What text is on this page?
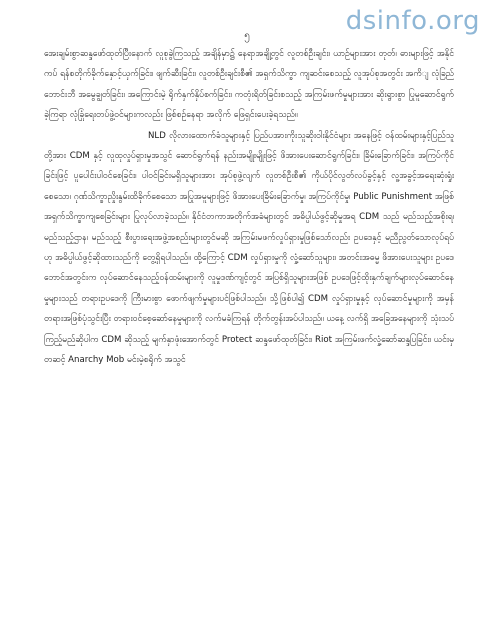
dsinfo.org
၅

အေးချမ်းစွာဆန္ဒဖော်ထုတ်ပြီးနောက် လူစုခွဲကြသည့် အချိန်မှာ၌ နေရာအချို့တွင် လူတစ်ဦးချင်း၊ ယာဉ်များအား တုတ်၊ ဓားများဖြင့် အနိုင်ကပ် ရန်စတိုက်ခိုက်နှောင့်ယှက်ခြင်း၊ ဖျက်ဆီးခြင်း၊ လူတစ်ဦးချင်းစီ၏ အရှက်သိက္ခာ ကျဆင်းစေသည့် လူအုပ်စုအတွင်း အကိျ လုံခြည် ဘောင်းဘီ အမွေချွတ်ခြင်း၊ အကြောင်းမဲ့ ရိုက်နှက်နှိပ်စက်ခြင်း၊ ကတုံးရိတ်ခြင်းစသည့် အကြမ်းဖက်မှုများအား ဆိုးရွားစွာ ပြုမူဆောင်ရွက်ခဲ့ကြရာ လုံခြုံရေးတပ်ဖွဲ့ဝင်များကလည်း ဖြစ်စဉ်နေရာ အလိုက် ဖြေရှင်းပေးခဲ့ရသည်။

NLD လိုလားထောက်ခံသူများနှင့် ပြည်ပအားကိုးသူဆိုးဝါးနိုင်ငံများ အနေဖြင့် ဝန်ထမ်းများနှင့်ပြည်သူတို့အား CDM နှင့် လူထုလှုပ်ရှားမှုအသွင် ဆောင်ရွက်ရန် နည်းအမျိုးမျိုးဖြင့် ဖိအားပေးဆောင်ရွက်ခြင်း၊ ခြိမ်းခြောက်ခြင်း၊ အကြပ်ကိုင်ခြင်းဖြင့် ပူပေါင်းပါဝင်စေခြင်း၊ ပါဝင်ခြင်းမရှိသူများအား အုပ်စုဖွဲ့လျက် လူတစ်ဦးစီ၏ ကိုယ်ပိုင်လွတ်လပ်ခွင့်နှင့် လူ့အခွင့်အရေးဆုံးရှုံးစေသော၊ ဂုဏ်သိက္ခာညှိုးနွမ်းထိခိုက်စေသော အပြုအမူများဖြင့် ဖိအားပေးခြိမ်းခြောက်မှု၊ အကြပ်ကိုင်မှု၊ Public Punishment အဖြစ် အရှက်သိက္ခာကျစေခြင်းများ ပြုလုပ်လာခဲ့သည်။ နိုင်ငံတကာအတိုက်အခံများတွင် အဓိပ္ပါယ်ဖွင့်ဆိုမှုအရ CDM သည် မည်သည့်အစိုးရ၊ မည်သည့်ဌာန၊ မည်သည့် စီးပွားရေးအဖွဲ့အစည်းများတွင်မဆို အကြမ်းမဖက်လှုပ်ရှားမှုဖြစ်သော်လည်း ဥပဒေနှင့် မညီညွတ်သောလုပ်ရပ်ဟု အဓိပ္ပါယ်ဖွင့်ဆိုထားသည်ကို တွေ့ရှိရပါသည်။ ထို့ကြောင့် CDM လှုပ်ရှားမှုကို လှုံ့ဆော်သူများ၊ အတင်းအဓမ္မ ဖိအားပေးသူများ ဥပဒေဘောင်အတွင်းက လုပ်ဆောင်နေသည့်ဝန်ထမ်းများကို လူမှုဒဏ်ကျင့်တွင် အပြစ်ရှိသူများအဖြစ် ဥပဒေဖြင့်ထိုးနှက်ချက်များလုပ်ဆောင်နေမှုများသည် တရားဥပဒေကို ကြီးမားစွာ ဖောက်ဖျက်မှုများပင်ဖြစ်ပါသည်။ သို့ဖြစ်ပါ၍ CDM လှုပ်ရှားမှုနှင့် လုပ်ဆောင်မှုများကို အမှန်တရားအဖြစ်ပုံသွင်းပြီး တရားဝင်စေ့ဆော်နေမှုများကို လက်မခံကြရန် တိုက်တွန်းအပ်ပါသည်။ ယနေ့ လက်ရှိ အခြေအနေများကို သုံးသပ် ကြည့်မည်ဆိုပါက CDM ဆိုသည့် မျက်နှာဖုံးအောက်တွင် Protect ဆန္ဒဖော်ထုတ်ခြင်း၊ Riot အကြမ်းဖက်လှုံ့ဆော်ဆန္ဒပြခြင်း၊ ယင်းမှတဆင့် Anarchy Mob မင်းမဲ့စရိုက် အသွင်
